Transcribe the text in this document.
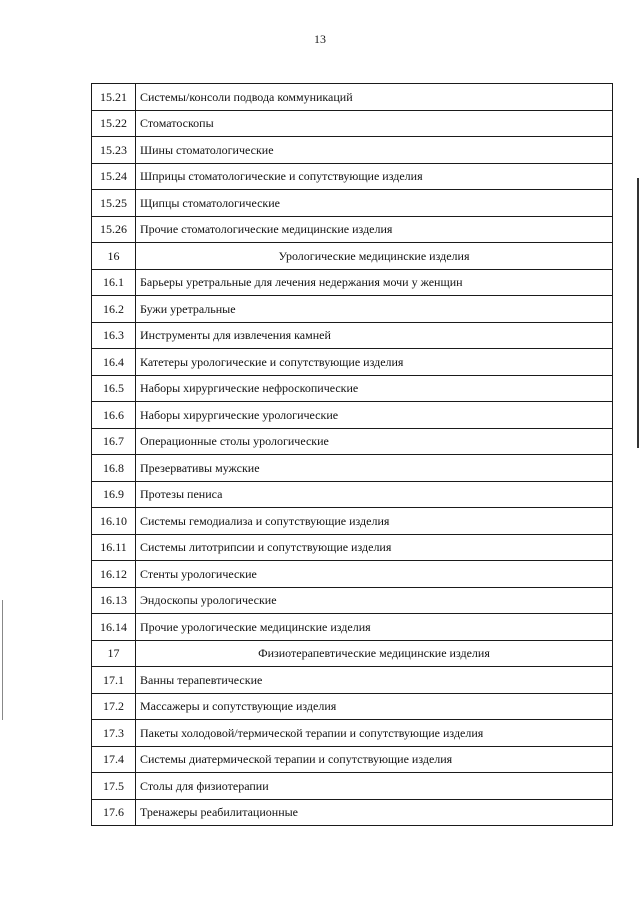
13
15.21	Системы/консоли подвода коммуникаций
15.22	Стоматоскопы
15.23	Шины стоматологические
15.24	Шприцы стоматологические и сопутствующие изделия
15.25	Щипцы стоматологические
15.26	Прочие стоматологические медицинские изделия
16	Урологические медицинские изделия
16.1	Барьеры уретральные для лечения недержания мочи у женщин
16.2	Бужи уретральные
16.3	Инструменты для извлечения камней
16.4	Катетеры урологические и сопутствующие изделия
16.5	Наборы хирургические нефроскопические
16.6	Наборы хирургические урологические
16.7	Операционные столы урологические
16.8	Презервативы мужские
16.9	Протезы пениса
16.10	Системы гемодиализа и сопутствующие изделия
16.11	Системы литотрипсии и сопутствующие изделия
16.12	Стенты урологические
16.13	Эндоскопы урологические
16.14	Прочие урологические медицинские изделия
17	Физиотерапевтические медицинские изделия
17.1	Ванны терапевтические
17.2	Массажеры и сопутствующие изделия
17.3	Пакеты холодовой/термической терапии и сопутствующие изделия
17.4	Системы диатермической терапии и сопутствующие изделия
17.5	Столы для физиотерапии
17.6	Тренажеры реабилитационные
